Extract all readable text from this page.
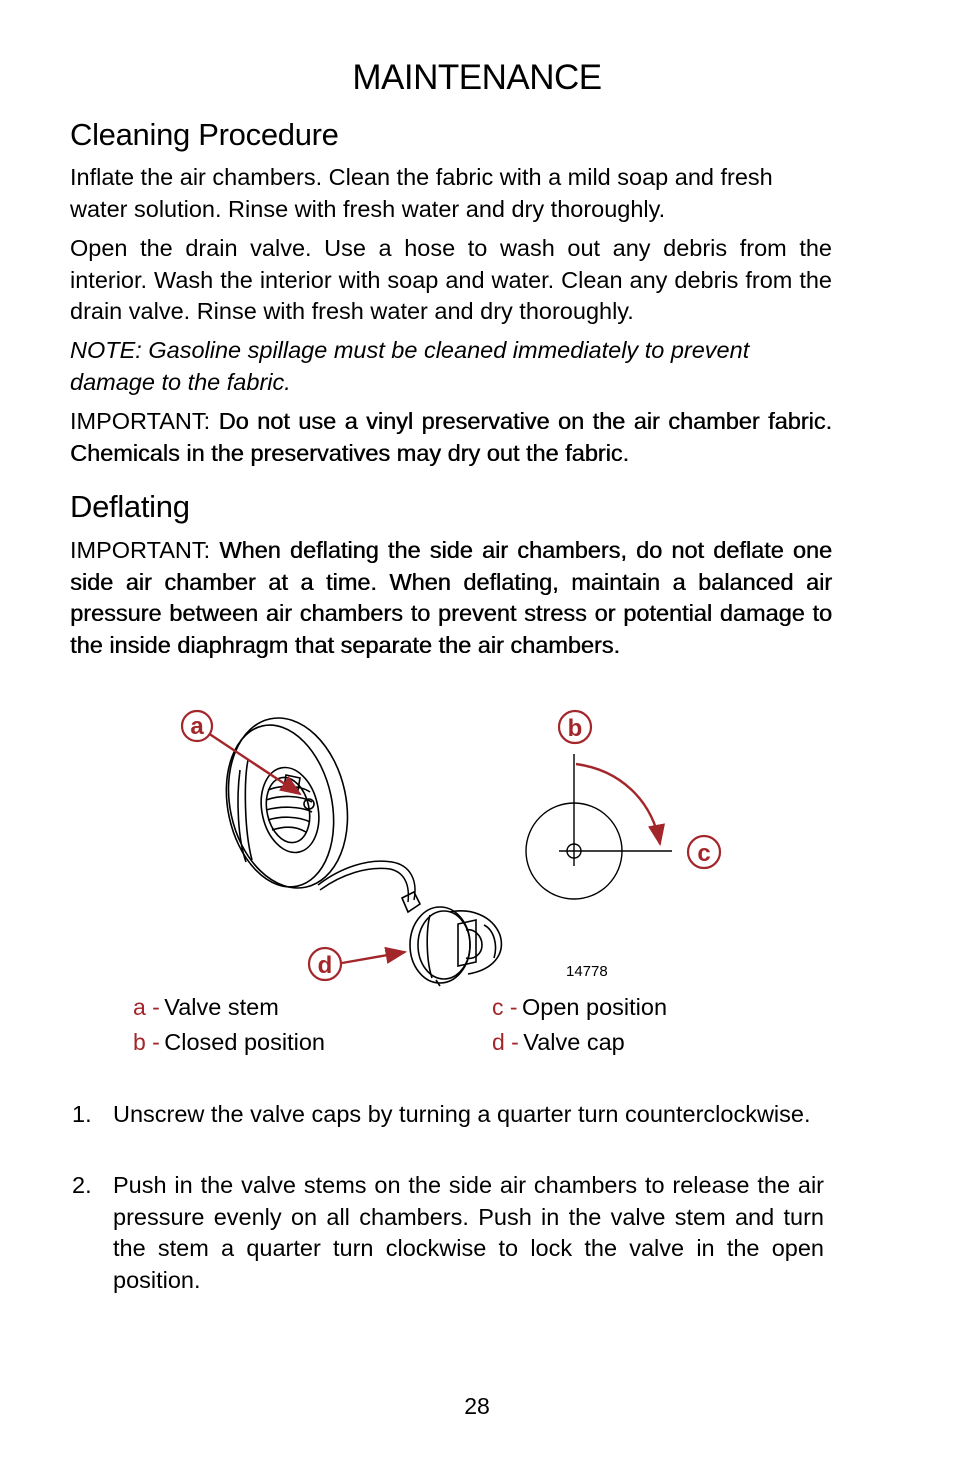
MAINTENANCE
Cleaning Procedure

Inflate the air chambers. Clean the fabric with a mild soap and fresh water solution. Rinse with fresh water and dry thoroughly.

Open the drain valve. Use a hose to wash out any debris from the interior. Wash the interior with soap and water. Clean any debris from the drain valve. Rinse with fresh water and dry thoroughly.

NOTE: Gasoline spillage must be cleaned immediately to prevent damage to the fabric.

IMPORTANT: Do not use a vinyl preservative on the air chamber fabric. Chemicals in the preservatives may dry out the fabric.

Deflating

IMPORTANT: When deflating the side air chambers, do not deflate one side air chamber at a time. When deflating, maintain a balanced air pressure between air chambers to prevent stress or potential damage to the inside diaphragm that separate the air chambers.

a	b
c
d	14778
a - Valve stem
b - Closed position
c - Open position
d - Valve cap
1. Unscrew the valve caps by turning a quarter turn counterclockwise.
2. Push in the valve stems on the side air chambers to release the air pressure evenly on all chambers. Push in the valve stem and turn the stem a quarter turn clockwise to lock the valve in the open position.
28
